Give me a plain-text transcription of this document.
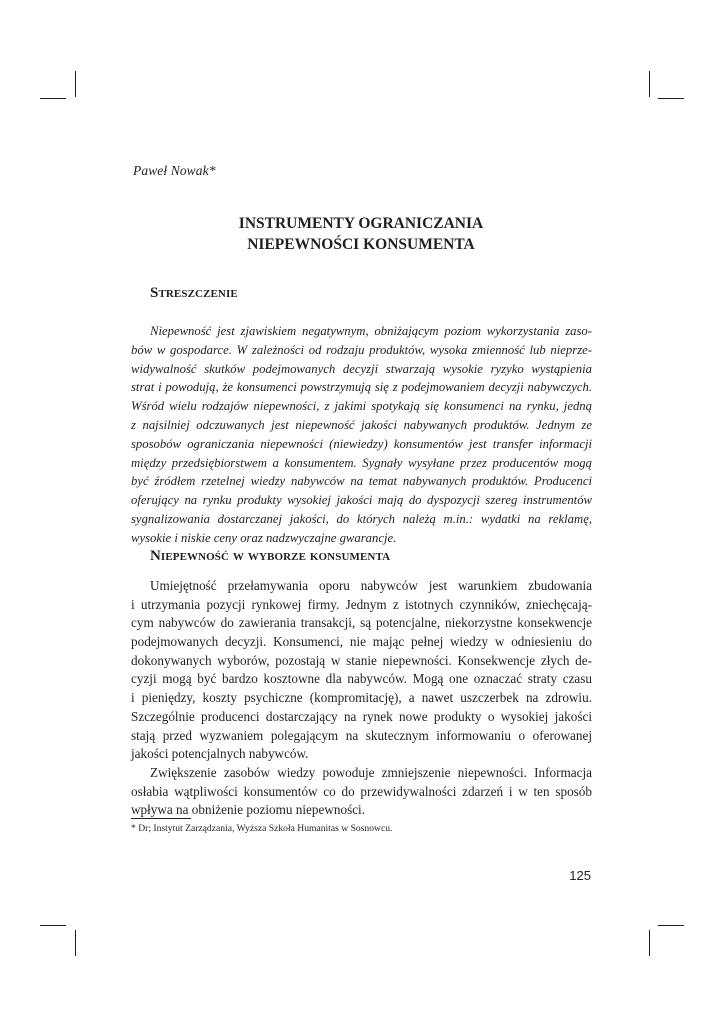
Paweł Nowak*
INSTRUMENTY OGRANICZANIA
NIEPEWNOŚCI KONSUMENTA
Streszczenie
Niepewność jest zjawiskiem negatywnym, obniżającym poziom wykorzystania zaso-
bów w gospodarce. W zależności od rodzaju produktów, wysoka zmienność lub nieprze-
widywalność skutków podejmowanych decyzji stwarzają wysokie ryzyko wystąpienia
strat i powodują, że konsumenci powstrzymują się z podejmowaniem decyzji nabywczych.
Wśród wielu rodzajów niepewności, z jakimi spotykają się konsumenci na rynku, jedną
z najsilniej odczuwanych jest niepewność jakości nabywanych produktów. Jednym ze
sposobów ograniczania niepewności (niewiedzy) konsumentów jest transfer informacji
między przedsiębiorstwem a konsumentem. Sygnały wysyłane przez producentów mogą
być źródłem rzetelnej wiedzy nabywców na temat nabywanych produktów. Producenci
oferujący na rynku produkty wysokiej jakości mają do dyspozycji szereg instrumentów
sygnalizowania dostarczanej jakości, do których należą m.in.: wydatki na reklamę,
wysokie i niskie ceny oraz nadzwyczajne gwarancje.
Niepewność w wyborze konsumenta
Umiejętność przełamywania oporu nabywców jest warunkiem zbudowania
i utrzymania pozycji rynkowej firmy. Jednym z istotnych czynników, zniechęcają-
cym nabywców do zawierania transakcji, są potencjalne, niekorzystne konsekwencje
podejmowanych decyzji. Konsumenci, nie mając pełnej wiedzy w odniesieniu do
dokonywanych wyborów, pozostają w stanie niepewności. Konsekwencje złych de-
cyzji mogą być bardzo kosztowne dla nabywców. Mogą one oznaczać straty czasu
i pieniędzy, koszty psychiczne (kompromitację), a nawet uszczerbek na zdrowiu.
Szczególnie producenci dostarczający na rynek nowe produkty o wysokiej jakości
stają przed wyzwaniem polegającym na skutecznym informowaniu o oferowanej
jakości potencjalnych nabywców.
Zwiększenie zasobów wiedzy powoduje zmniejszenie niepewności. Informacja
osłabia wątpliwości konsumentów co do przewidywalności zdarzeń i w ten sposób
wpływa na obniżenie poziomu niepewności.
* Dr; Instytut Zarządzania, Wyższa Szkoła Humanitas w Sosnowcu.
125
